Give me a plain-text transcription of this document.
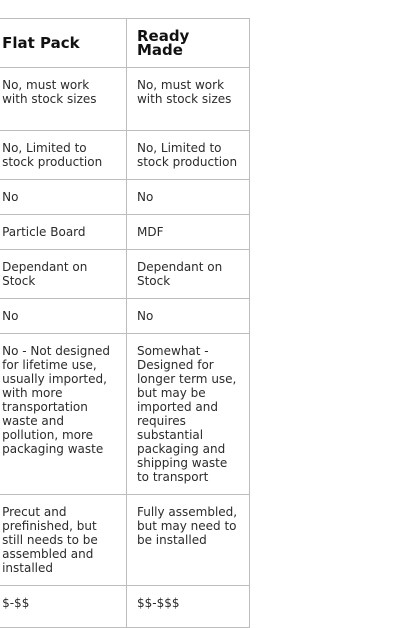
	Flat Pack	Ready Made
	No, must work with stock sizes	No, must work with stock sizes
	No, Limited to stock production	No, Limited to stock production
	No	No
	Particle Board	MDF
	Dependant on Stock	Dependant on Stock
	No	No
	No - Not designed for lifetime use, usually imported, with more transportation waste and pollution, more packaging waste	Somewhat - Designed for longer term use, but may be imported and requires substantial packaging and shipping waste to transport
	Precut and prefinished, but still needs to be assembled and installed	Fully assembled, but may need to be installed
	$-$$	$$-$$$
